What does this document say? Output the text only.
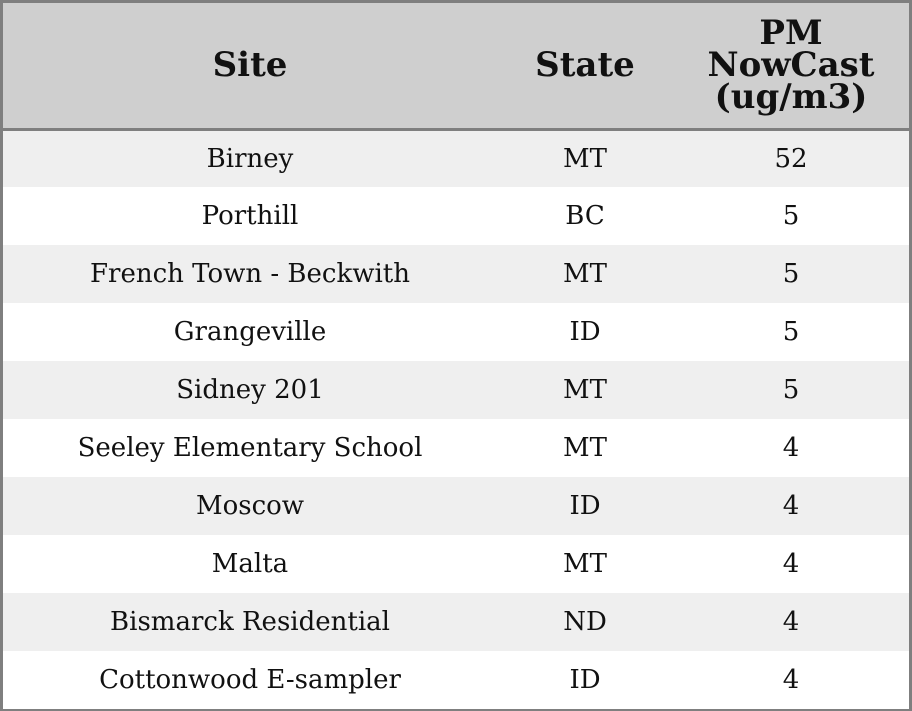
Site	State	PM
NowCast
(ug/m3)

Birney	MT	52
Porthill	BC	5
French Town - Beckwith	MT	5
Grangeville	ID	5
Sidney 201	MT	5
Seeley Elementary School	MT	4
Moscow	ID	4
Malta	MT	4
Bismarck Residential	ND	4
Cottonwood E-sampler	ID	4
